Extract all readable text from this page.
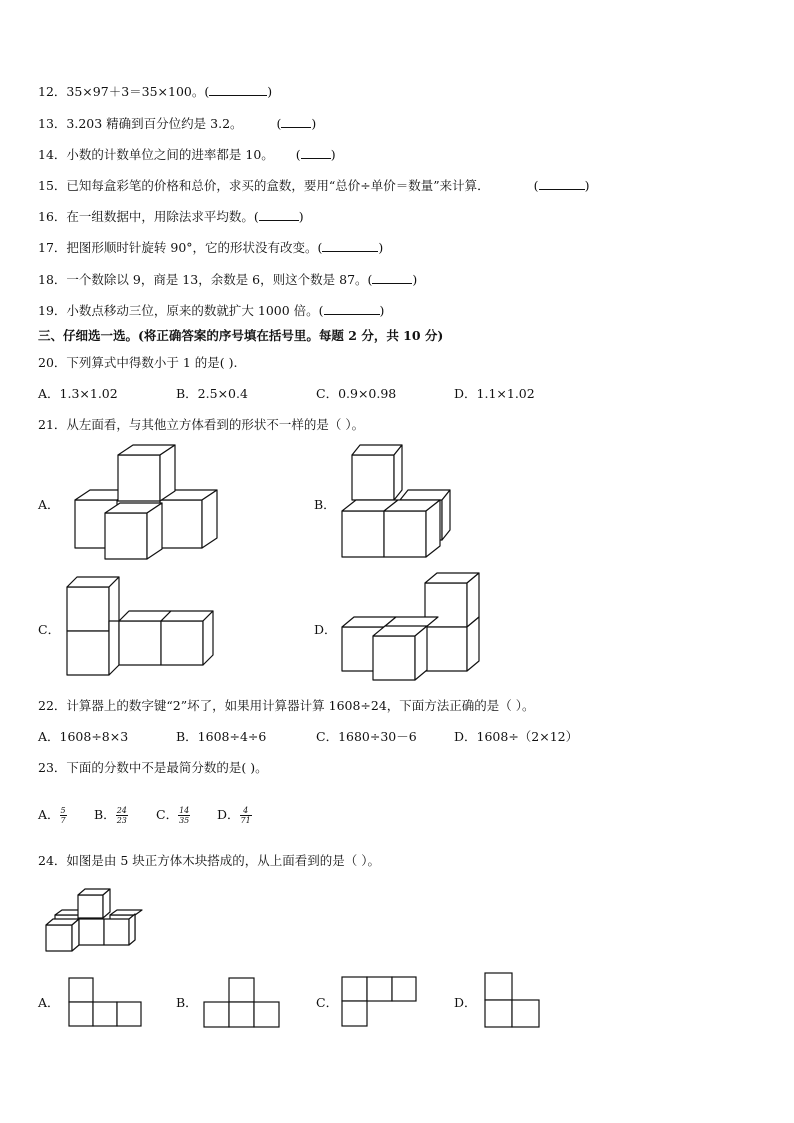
12．35×97＋3＝35×100。(	)
13．3.203 精确到百分位约是 3.2。	( )
14．小数的计数单位之间的进率都是 10。 ( )
15．已知每盒彩笔的价格和总价，求买的盒数，要用“总价÷单价＝数量”来计算．	(	)
16．在一组数据中，用除法求平均数。(	)
17．把图形顺时针旋转 90°，它的形状没有改变。(	)
18．一个数除以 9，商是 13，余数是 6，则这个数是 87。(	)
19．小数点移动三位，原来的数就扩大 1000 倍。(	)
三、仔细选一选。(将正确答案的序号填在括号里。每题 2 分，共 10 分)
20．下列算式中得数小于 1 的是( ).
A．1.3×1.02	B．2.5×0.4	C．0.9×0.98	D．1.1×1.02
21．从左面看，与其他立方体看到的形状不一样的是（ ）。
A．	B．
C．	D．
22．计算器上的数字键“2”坏了，如果用计算器计算 1608÷24，下面方法正确的是（ ）。
A．1608÷8×3	B．1608÷4÷6	C．1680÷30－6	D．1608÷（2×12）
23．下面的分数中不是最简分数的是( )。
A． $\frac{5}{7}$ B． $\frac{24}{23}$ C． $\frac{14}{35}$ D． $\frac{4}{71}$
24．如图是由 5 块正方体木块搭成的，从上面看到的是（ ）。
A．	B．	C．	D．
